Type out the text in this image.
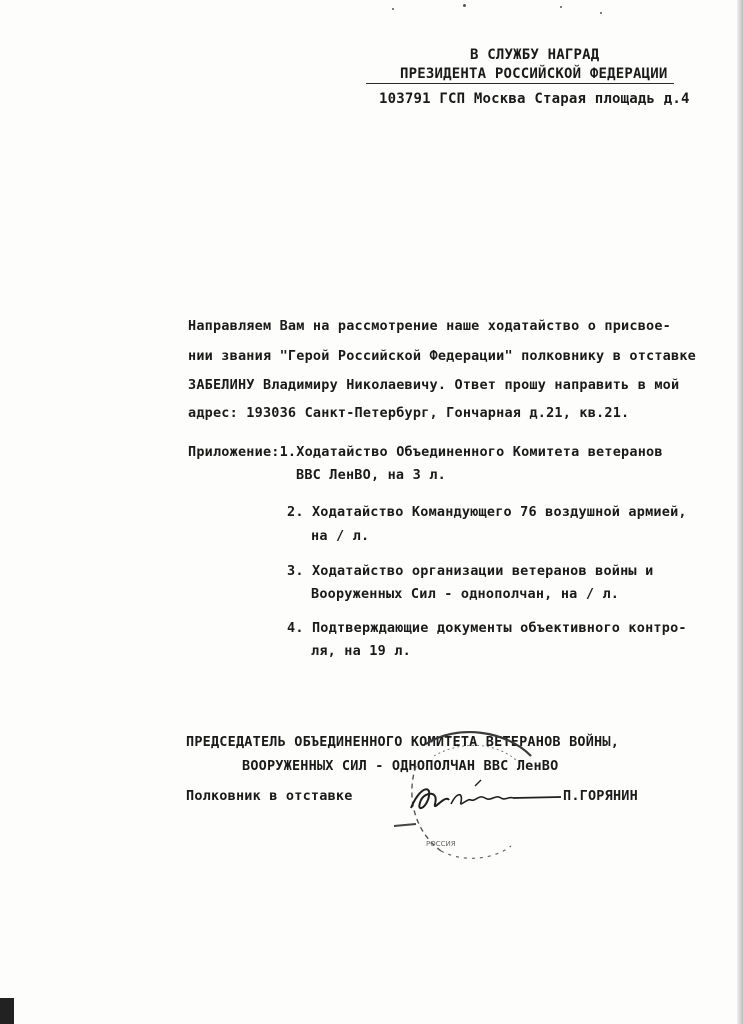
В СЛУЖБУ НАГРАД
ПРЕЗИДЕНТА РОССИЙСКОЙ ФЕДЕРАЦИИ
103791 ГСП Москва Старая площадь д.4
Направляем Вам на рассмотрение наше ходатайство о присвое-
нии звания "Герой Российской Федерации" полковнику в отставке
ЗАБЕЛИНУ Владимиру Николаевичу. Ответ прошу направить в мой
адрес: 193036 Санкт-Петербург, Гончарная д.21, кв.21.
Приложение:1.Ходатайство Объединенного Комитета ветеранов
ВВС ЛенВО, на 3 л.
2. Ходатайство Командующего 76 воздушной армией,
на / л.
3. Ходатайство организации ветеранов войны и
Вооруженных Сил - однополчан, на / л.
4. Подтверждающие документы объективного контро-
ля, на 19 л.
ПРЕДСЕДАТЕЛЬ ОБЪЕДИНЕННОГО КОМИТЕТА ВЕТЕРАНОВ ВОЙНЫ,
ВООРУЖЕННЫХ СИЛ - ОДНОПОЛЧАН ВВС ЛенВО
Полковник в отставке	П.ГОРЯНИН
РОССИЯ
